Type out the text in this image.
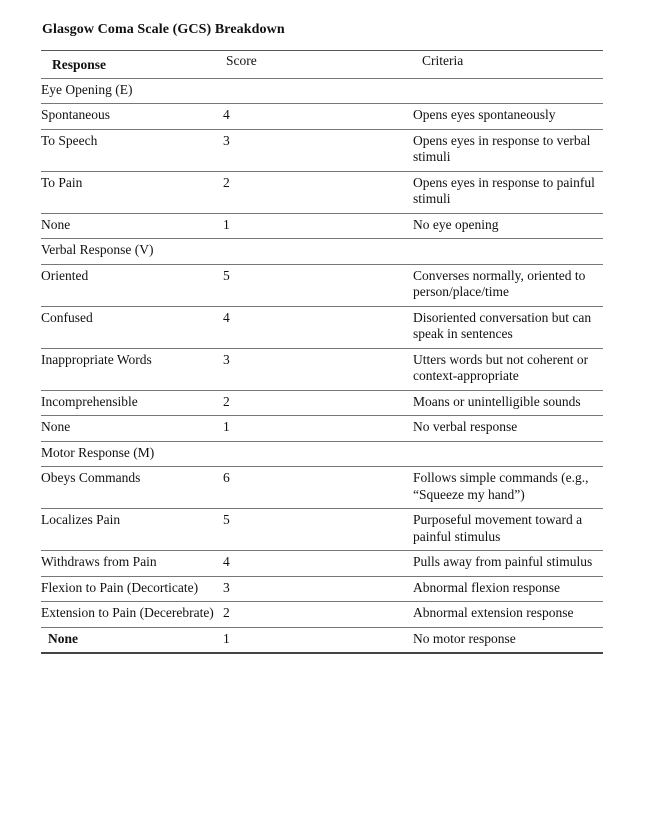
Glasgow Coma Scale (GCS) Breakdown
Response	Score	Criteria
Eye Opening (E)		
Spontaneous	4	Opens eyes spontaneously
To Speech	3	Opens eyes in response to verbal stimuli
To Pain	2	Opens eyes in response to painful stimuli
None	1	No eye opening
Verbal Response (V)		
Oriented	5	Converses normally, oriented to person/place/time
Confused	4	Disoriented conversation but can speak in sentences
Inappropriate Words	3	Utters words but not coherent or context-appropriate
Incomprehensible	2	Moans or unintelligible sounds
None	1	No verbal response
Motor Response (M)		
Obeys Commands	6	Follows simple commands (e.g., “Squeeze my hand”)
Localizes Pain	5	Purposeful movement toward a painful stimulus
Withdraws from Pain	4	Pulls away from painful stimulus
Flexion to Pain (Decorticate)	3	Abnormal flexion response
Extension to Pain (Decerebrate)	2	Abnormal extension response
None	1	No motor response
